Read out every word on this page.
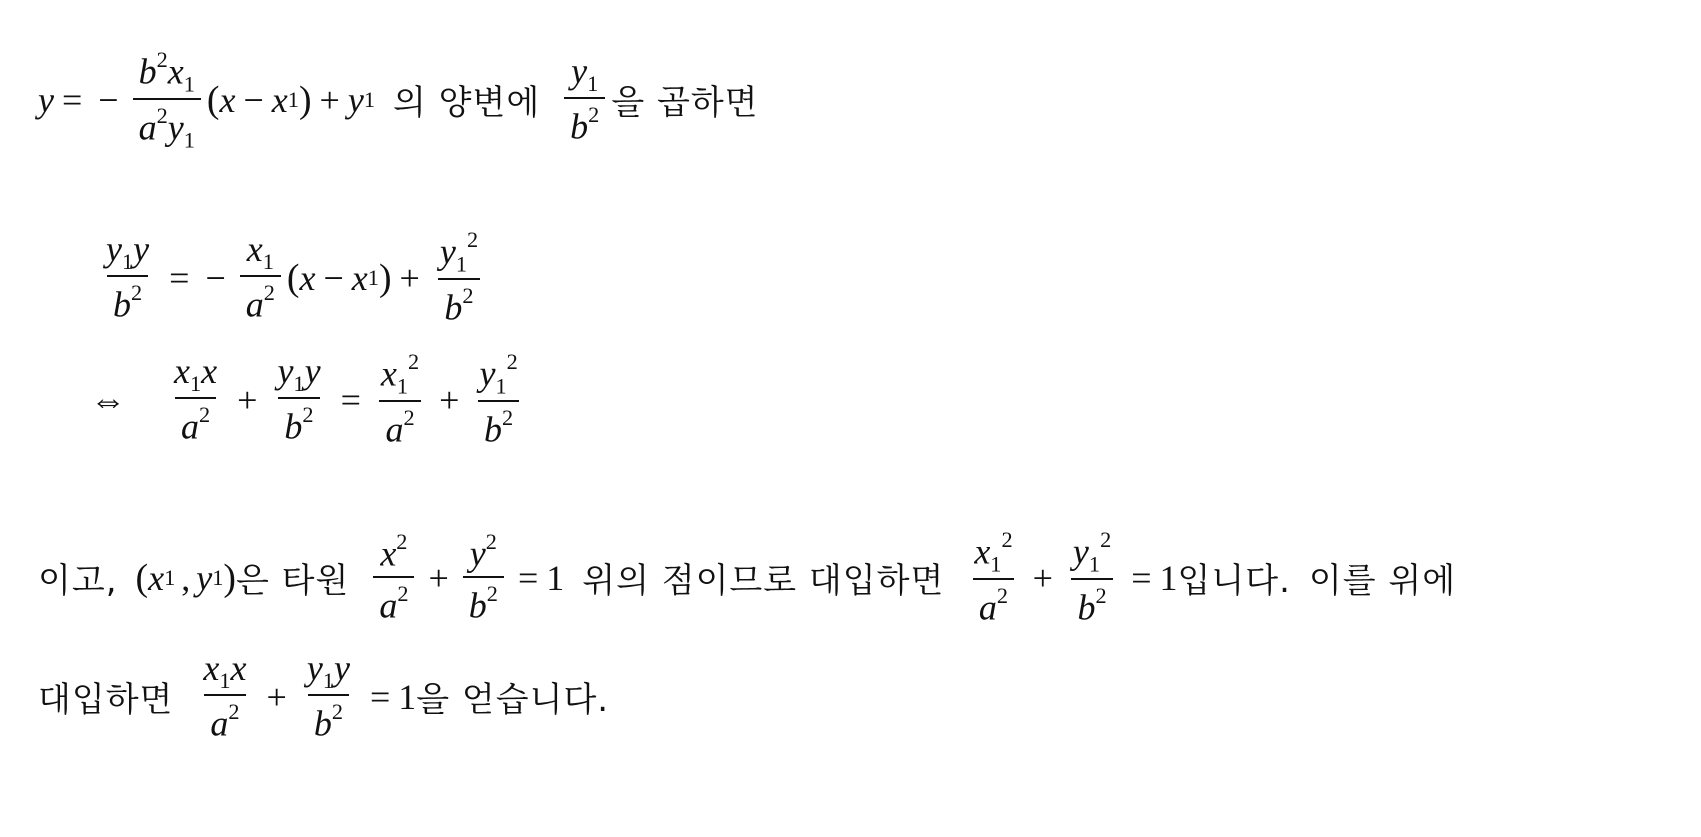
y = − $\frac{b^2x_1}{a^2y_1}$ ( x − x 1 ) + y 1 의 양변에 $\frac{y_1}{b^2}$ 을 곱하면
$\frac{y_1y}{b^2}$ = − $\frac{x_1}{a^2}$ ( x − x 1 ) + $\frac{y_1^2}{b^2}$
⇔ $\frac{x_1x}{a^2} + \frac{y_1y}{b^2} = \frac{x_1^2}{a^2} + \frac{y_1^2}{b^2}$
이고, ( x 1 , y 1 ) 은 타원 $\frac{x^2}{a^2} + \frac{y^2}{b^2} = 1$ 위의 점이므로 대입하면 $\frac{x_1^2}{a^2} + \frac{y_1^2}{b^2} = 1$ 입니다. 이를 위에
대입하면 $\frac{x_1x}{a^2} + \frac{y_1y}{b^2} = 1$ 을 얻습니다.
